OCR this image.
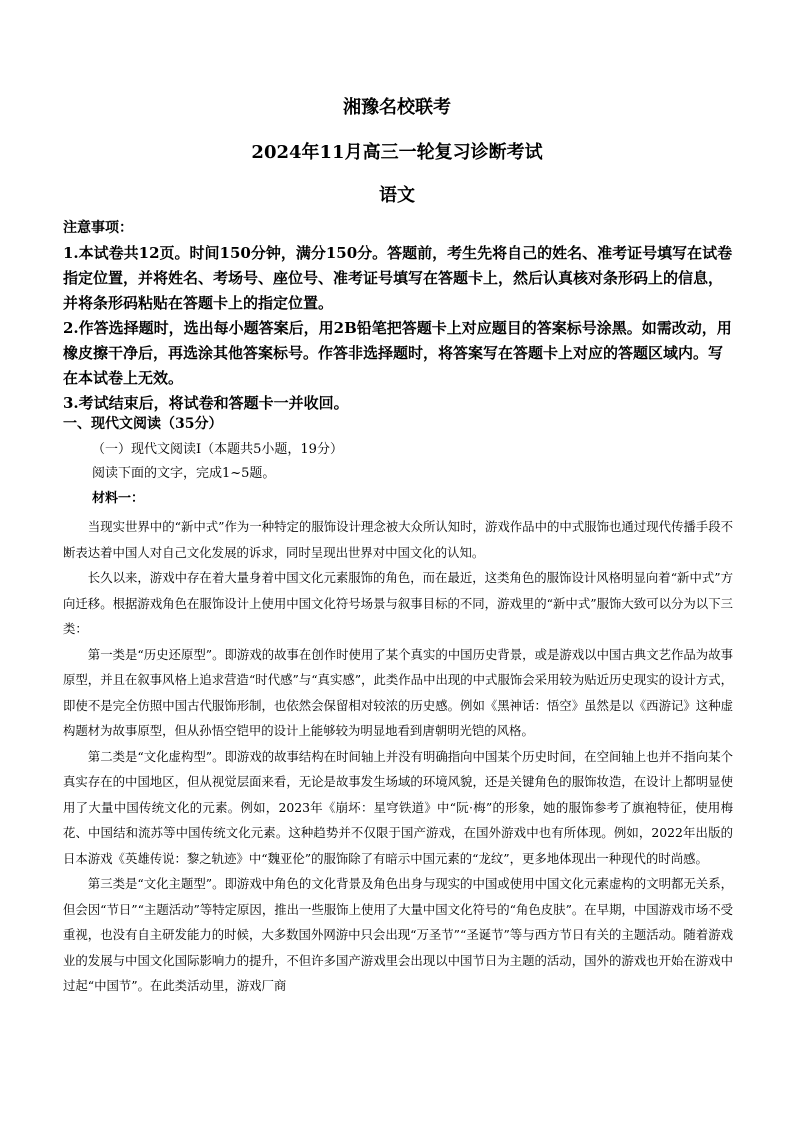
湘豫名校联考
2024年11月高三一轮复习诊断考试
语文
注意事项：

1.本试卷共12页。时间150分钟，满分150分。答题前，考生先将自己的姓名、准考证号填写在试卷指定位置，并将姓名、考场号、座位号、准考证号填写在答题卡上，然后认真核对条形码上的信息，并将条形码粘贴在答题卡上的指定位置。

2.作答选择题时，选出每小题答案后，用2B铅笔把答题卡上对应题目的答案标号涂黑。如需改动，用橡皮擦干净后，再选涂其他答案标号。作答非选择题时，将答案写在答题卡上对应的答题区域内。写在本试卷上无效。

3.考试结束后，将试卷和答题卡一并收回。

一、现代文阅读（35分）
（一）现代文阅读Ⅰ（本题共5小题，19分）
阅读下面的文字，完成1~5题。
材料一：

当现实世界中的“新中式”作为一种特定的服饰设计理念被大众所认知时，游戏作品中的中式服饰也通过现代传播手段不断表达着中国人对自己文化发展的诉求，同时呈现出世界对中国文化的认知。

长久以来，游戏中存在着大量身着中国文化元素服饰的角色，而在最近，这类角色的服饰设计风格明显向着“新中式”方向迁移。根据游戏角色在服饰设计上使用中国文化符号场景与叙事目标的不同，游戏里的“新中式”服饰大致可以分为以下三类：

第一类是“历史还原型”。即游戏的故事在创作时使用了某个真实的中国历史背景，或是游戏以中国古典文艺作品为故事原型，并且在叙事风格上追求营造“时代感”与“真实感”，此类作品中出现的中式服饰会采用较为贴近历史现实的设计方式，即使不是完全仿照中国古代服饰形制，也依然会保留相对较浓的历史感。例如《黑神话：悟空》虽然是以《西游记》这种虚构题材为故事原型，但从孙悟空铠甲的设计上能够较为明显地看到唐朝明光铠的风格。

第二类是“文化虚构型”。即游戏的故事结构在时间轴上并没有明确指向中国某个历史时间，在空间轴上也并不指向某个真实存在的中国地区，但从视觉层面来看，无论是故事发生场域的环境风貌，还是关键角色的服饰妆造，在设计上都明显使用了大量中国传统文化的元素。例如，2023年《崩坏：星穹铁道》中“阮·梅”的形象，她的服饰参考了旗袍特征，使用梅花、中国结和流苏等中国传统文化元素。这种趋势并不仅限于国产游戏，在国外游戏中也有所体现。例如，2022年出版的日本游戏《英雄传说：黎之轨迹》中“魏亚伦”的服饰除了有暗示中国元素的“龙纹”，更多地体现出一种现代的时尚感。

第三类是“文化主题型”。即游戏中角色的文化背景及角色出身与现实的中国或使用中国文化元素虚构的文明都无关系，但会因“节日”“主题活动”等特定原因，推出一些服饰上使用了大量中国文化符号的“角色皮肤”。在早期，中国游戏市场不受重视，也没有自主研发能力的时候，大多数国外网游中只会出现“万圣节”“圣诞节”等与西方节日有关的主题活动。随着游戏业的发展与中国文化国际影响力的提升，不但许多国产游戏里会出现以中国节日为主题的活动，国外的游戏也开始在游戏中过起“中国节”。在此类活动里，游戏厂商
